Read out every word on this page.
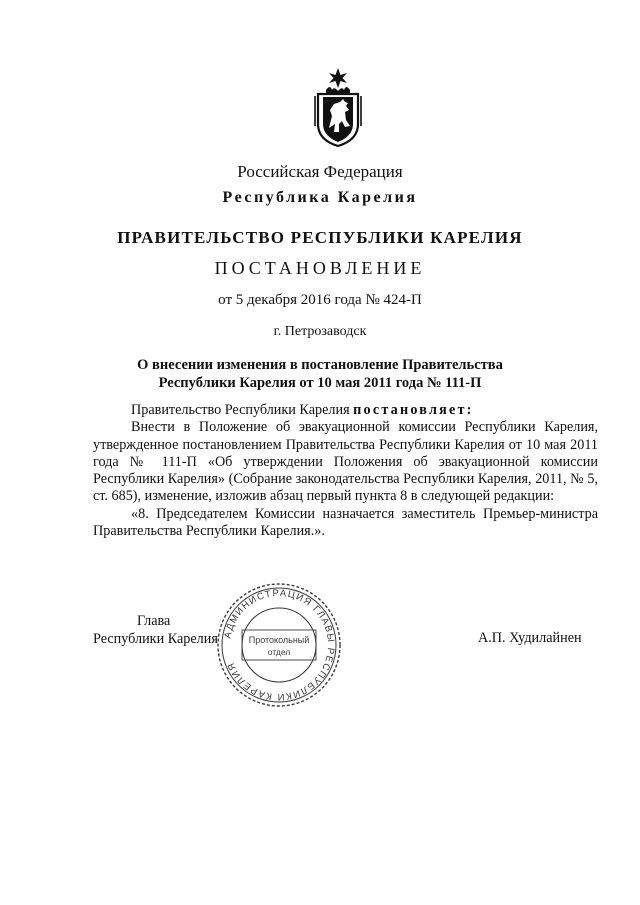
Российская Федерация
Республика Карелия
ПРАВИТЕЛЬСТВО РЕСПУБЛИКИ КАРЕЛИЯ
ПОСТАНОВЛЕНИЕ
от 5 декабря 2016 года № 424-П
г. Петрозаводск
О внесении изменения в постановление Правительства
Республики Карелия от 10 мая 2011 года № 111-П

Правительство Республики Карелия постановляет:

Внести в Положение об эвакуационной комиссии Республики Карелия, утвержденное постановлением Правительства Республики Карелия от 10 мая 2011 года № 111-П «Об утверждении Положения об эвакуационной комиссии Республики Карелия» (Собрание законодательства Республики Карелия, 2011, № 5, ст. 685), изменение, изложив абзац первый пункта 8 в следующей редакции:

«8. Председателем Комиссии назначается заместитель Премьер-министра Правительства Республики Карелия.».

Глава
Республики Карелия	А.П. Худилайнен
АДМИНИСТРАЦИЯ ГЛАВЫ РЕСПУБЛИКИ КАРЕЛИЯ
Протокольный
отдел
